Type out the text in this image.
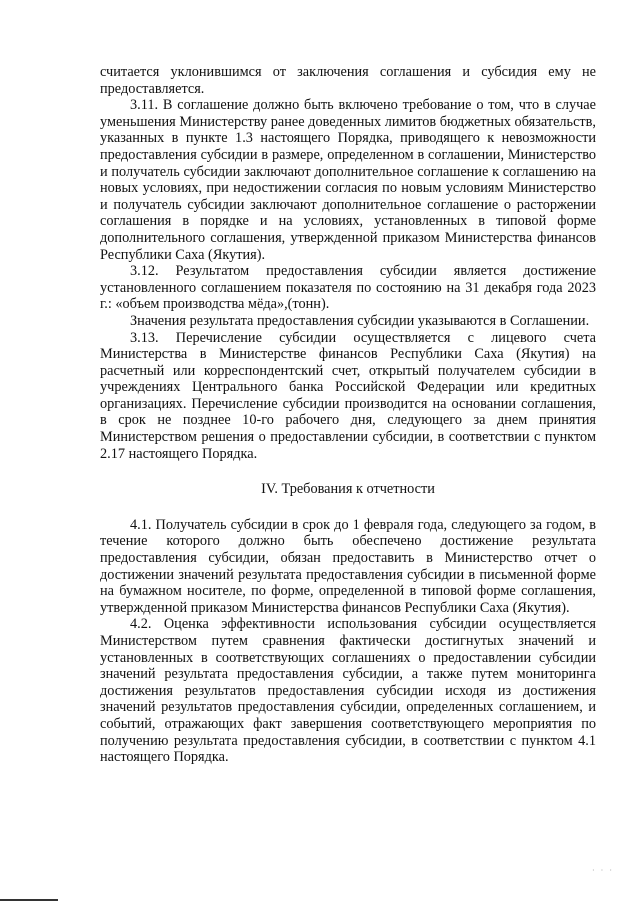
считается уклонившимся от заключения соглашения и субсидия ему не предоставляется.

3.11. В соглашение должно быть включено требование о том, что в случае уменьшения Министерству ранее доведенных лимитов бюджетных обязательств, указанных в пункте 1.3 настоящего Порядка, приводящего к невозможности предоставления субсидии в размере, определенном в соглашении, Министерство и получатель субсидии заключают дополнительное соглашение к соглашению на новых условиях, при недостижении согласия по новым условиям Министерство и получатель субсидии заключают дополнительное соглашение о расторжении соглашения в порядке и на условиях, установленных в типовой форме дополнительного соглашения, утвержденной приказом Министерства финансов Республики Саха (Якутия).

3.12. Результатом предоставления субсидии является достижение установленного соглашением показателя по состоянию на 31 декабря года 2023 г.: «объем производства мёда»,(тонн).

Значения результата предоставления субсидии указываются в Соглашении.

3.13. Перечисление субсидии осуществляется с лицевого счета Министерства в Министерстве финансов Республики Саха (Якутия) на расчетный или корреспондентский счет, открытый получателем субсидии в учреждениях Центрального банка Российской Федерации или кредитных организациях. Перечисление субсидии производится на основании соглашения, в срок не позднее 10-го рабочего дня, следующего за днем принятия Министерством решения о предоставлении субсидии, в соответствии с пунктом 2.17 настоящего Порядка.

IV. Требования к отчетности

4.1. Получатель субсидии в срок до 1 февраля года, следующего за годом, в течение которого должно быть обеспечено достижение результата предоставления субсидии, обязан предоставить в Министерство отчет о достижении значений результата предоставления субсидии в письменной форме на бумажном носителе, по форме, определенной в типовой форме соглашения, утвержденной приказом Министерства финансов Республики Саха (Якутия).

4.2. Оценка эффективности использования субсидии осуществляется Министерством путем сравнения фактически достигнутых значений и установленных в соответствующих соглашениях о предоставлении субсидии значений результата предоставления субсидии, а также путем мониторинга достижения результатов предоставления субсидии исходя из достижения значений результатов предоставления субсидии, определенных соглашением, и событий, отражающих факт завершения соответствующего мероприятия по получению результата предоставления субсидии, в соответствии с пунктом 4.1 настоящего Порядка.

· · ·
